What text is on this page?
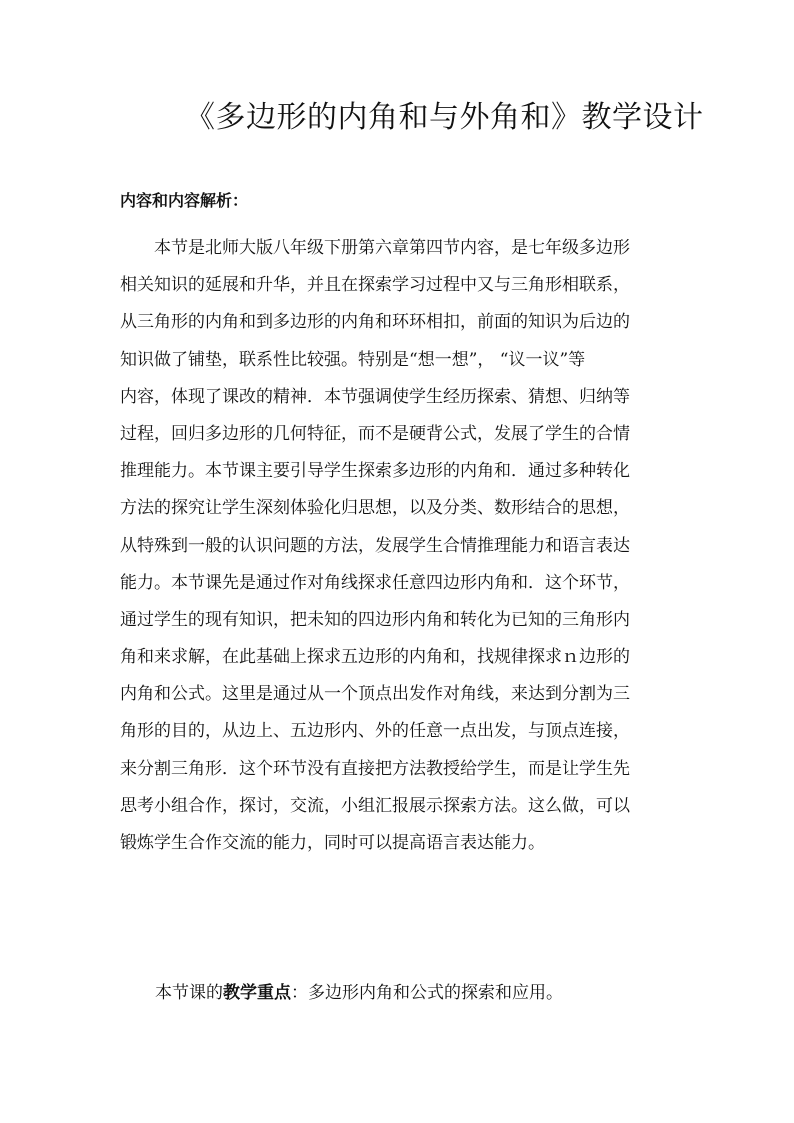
《多边形的内角和与外角和》教学设计
内容和内容解析：
本节是北师大版八年级下册第六章第四节内容，是七年级多边形
相关知识的延展和升华，并且在探索学习过程中又与三角形相联系，
从三角形的内角和到多边形的内角和环环相扣，前面的知识为后边的
知识做了铺垫，联系性比较强。特别是“想一想”， “议一议”等
内容，体现了课改的精神．本节强调使学生经历探索、猜想、归纳等
过程，回归多边形的几何特征，而不是硬背公式，发展了学生的合情
推理能力。本节课主要引导学生探索多边形的内角和．通过多种转化
方法的探究让学生深刻体验化归思想，以及分类、数形结合的思想，
从特殊到一般的认识问题的方法，发展学生合情推理能力和语言表达
能力。本节课先是通过作对角线探求任意四边形内角和．这个环节，
通过学生的现有知识，把未知的四边形内角和转化为已知的三角形内
角和来求解，在此基础上探求五边形的内角和，找规律探求ｎ边形的
内角和公式。这里是通过从一个顶点出发作对角线，来达到分割为三
角形的目的，从边上、五边形内、外的任意一点出发，与顶点连接，
来分割三角形．这个环节没有直接把方法教授给学生，而是让学生先
思考小组合作，探讨，交流，小组汇报展示探索方法。这么做，可以
锻炼学生合作交流的能力，同时可以提高语言表达能力。
本节课的教学重点：多边形内角和公式的探索和应用。
